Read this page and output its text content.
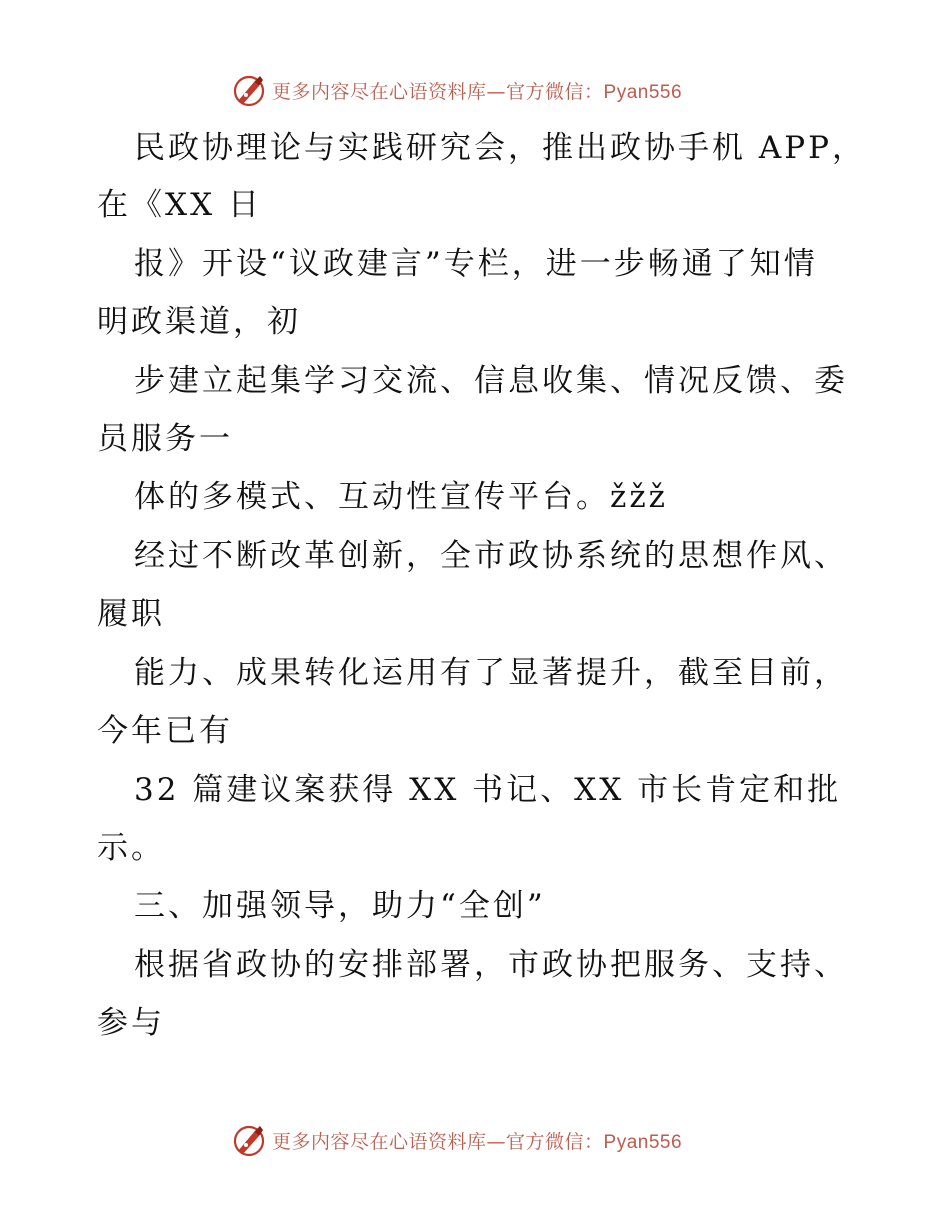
更多内容尽在心语资料库—官方微信：Pyan556
民政协理论与实践研究会，推出政协手机 APP，
在《XX 日
报》开设“议政建言”专栏，进一步畅通了知情
明政渠道，初
步建立起集学习交流、信息收集、情况反馈、委
员服务一
体的多模式、互动性宣传平台。žžž
经过不断改革创新，全市政协系统的思想作风、
履职
能力、成果转化运用有了显著提升，截至目前，
今年已有
32 篇建议案获得 XX 书记、XX 市长肯定和批
示。
三、加强领导，助力“全创”
根据省政协的安排部署，市政协把服务、支持、
参与
更多内容尽在心语资料库—官方微信：Pyan556
